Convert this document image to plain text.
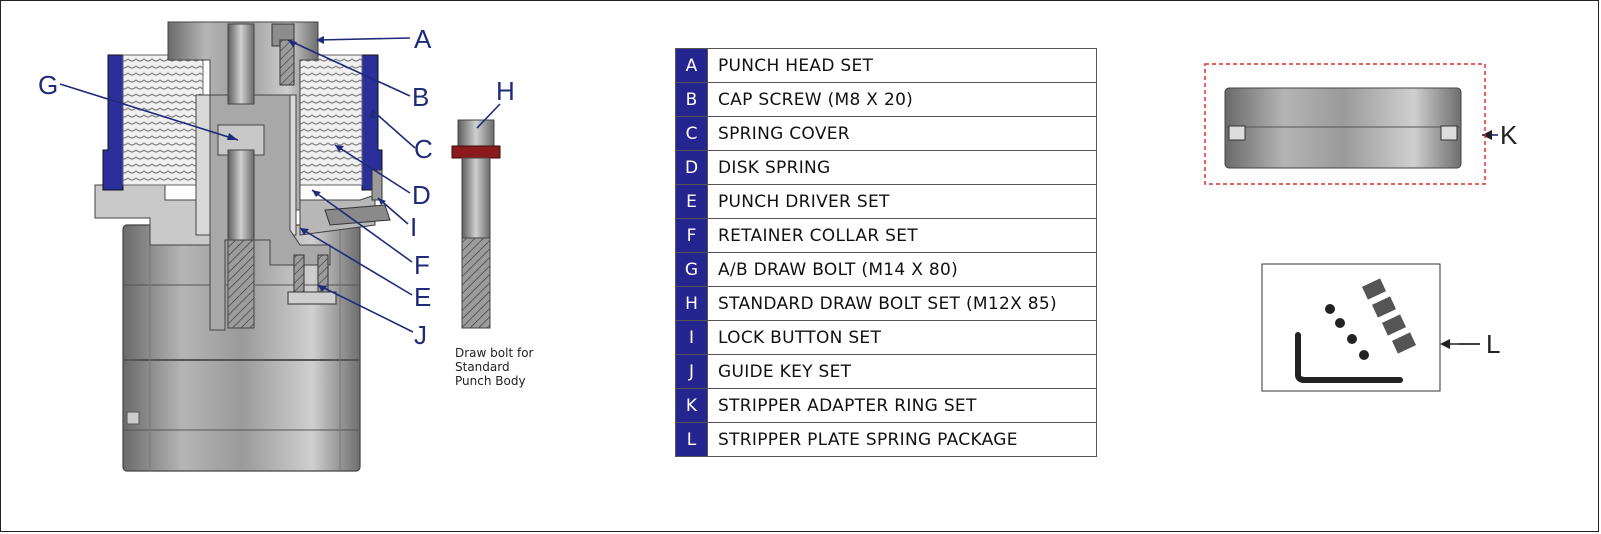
A
B
C
D
I
F
E
J
G	H
K
L
Draw bolt for
Standard
Punch Body
A	PUNCH HEAD SET
B	CAP SCREW (M8 X 20)
C	SPRING COVER
D	DISK SPRING
E	PUNCH DRIVER SET
F	RETAINER COLLAR SET
G	A/B DRAW BOLT (M14 X 80)
H	STANDARD DRAW BOLT SET (M12X 85)
I	LOCK BUTTON SET
J	GUIDE KEY SET
K	STRIPPER ADAPTER RING SET
L	STRIPPER PLATE SPRING PACKAGE
